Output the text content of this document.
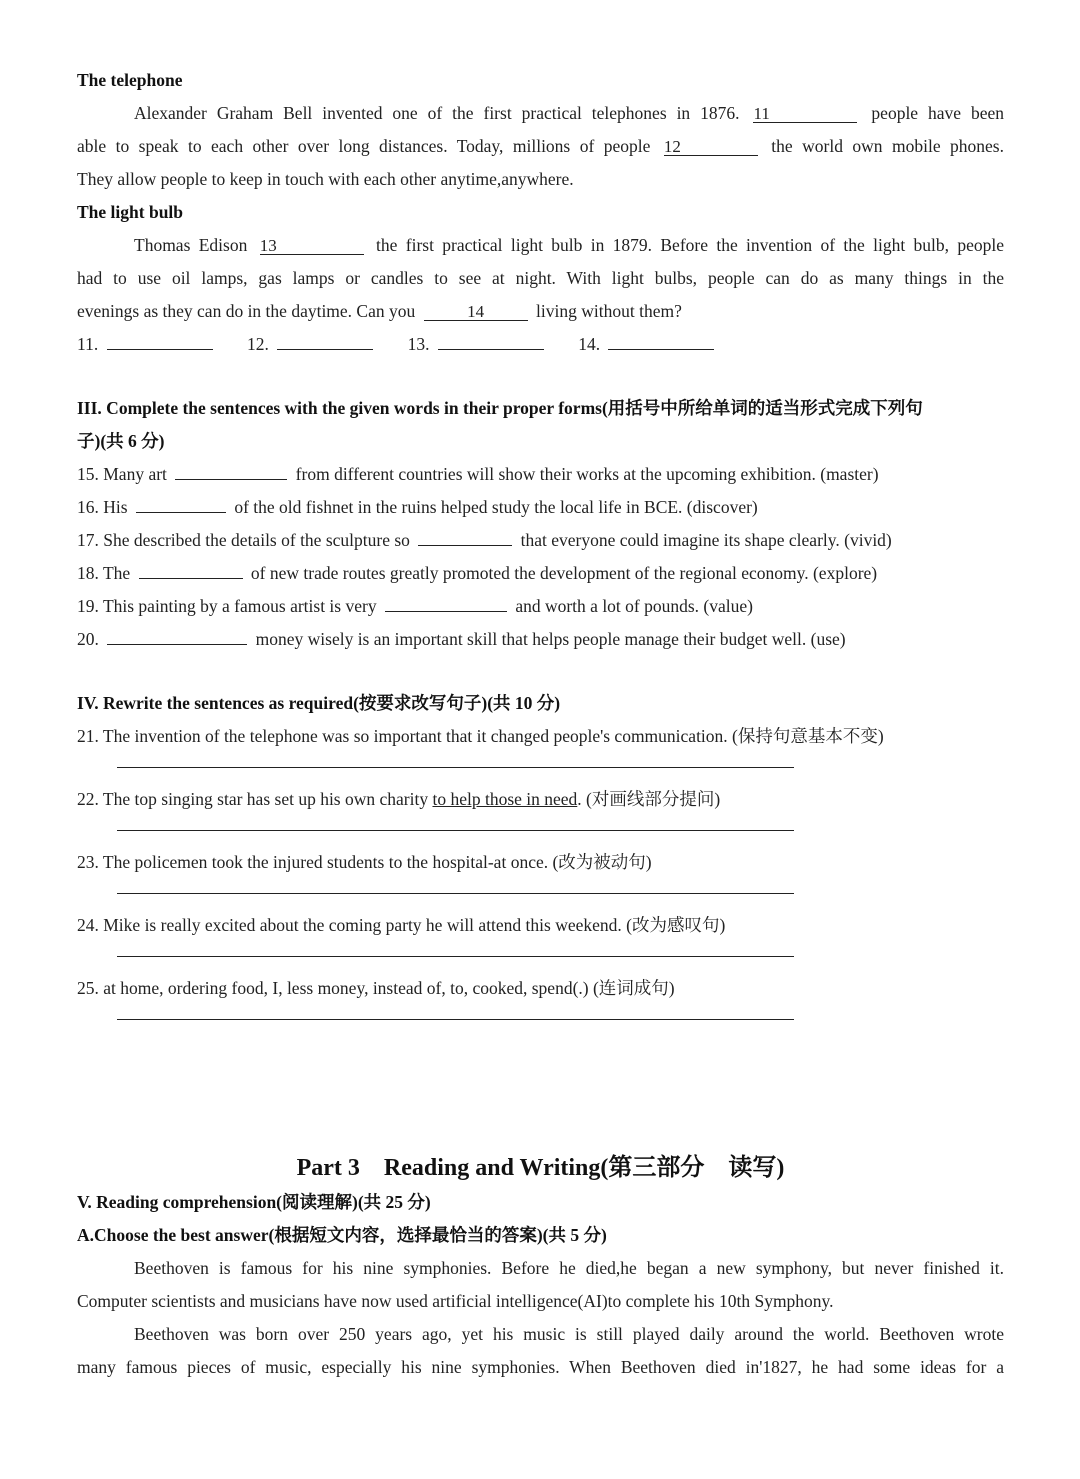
The telephone
Alexander Graham Bell invented one of the first practical telephones in 1876. 11	people have been
able to speak to each other over long distances. Today, millions of people 12	the world own mobile phones.
They allow people to keep in touch with each other anytime,anywhere.
The light bulb
Thomas Edison 13	the first practical light bulb in 1879. Before the invention of the light bulb, people
had to use oil lamps, gas lamps or candles to see at night. With light bulbs, people can do as many things in the
evenings as they can do in the daytime. Can you	14	living without them?
11.	12.	13.	14.
III. Complete the sentences with the given words in their proper forms(用括号中所给单词的适当形式完成下列句
子)(共 6 分)
15. Many art	from different countries will show their works at the upcoming exhibition. (master)
16. His	of the old fishnet in the ruins helped study the local life in BCE. (discover)
17. She described the details of the sculpture so	that everyone could imagine its shape clearly. (vivid)
18. The	of new trade routes greatly promoted the development of the regional economy. (explore)
19. This painting by a famous artist is very	and worth a lot of pounds. (value)
20.	money wisely is an important skill that helps people manage their budget well. (use)
IV. Rewrite the sentences as required(按要求改写句子)(共 10 分)
21. The invention of the telephone was so important that it changed people's communication. (保持句意基本不变)
22. The top singing star has set up his own charity to help those in need. (对画线部分提问)
23. The policemen took the injured students to the hospital-at once. (改为被动句)
24. Mike is really excited about the coming party he will attend this weekend. (改为感叹句)
25. at home, ordering food, I, less money, instead of, to, cooked, spend(.) (连词成句)
Part 3    Reading and Writing(第三部分    读写)
V. Reading comprehension(阅读理解)(共 25 分)
A.Choose the best answer(根据短文内容，选择最恰当的答案)(共 5 分)
Beethoven is famous for his nine symphonies. Before he died,he began a new symphony, but never finished it.
Computer scientists and musicians have now used artificial intelligence(AI)to complete his 10th Symphony.
Beethoven was born over 250 years ago, yet his music is still played daily around the world. Beethoven wrote
many famous pieces of music, especially his nine symphonies. When Beethoven died in'1827, he had some ideas for a
